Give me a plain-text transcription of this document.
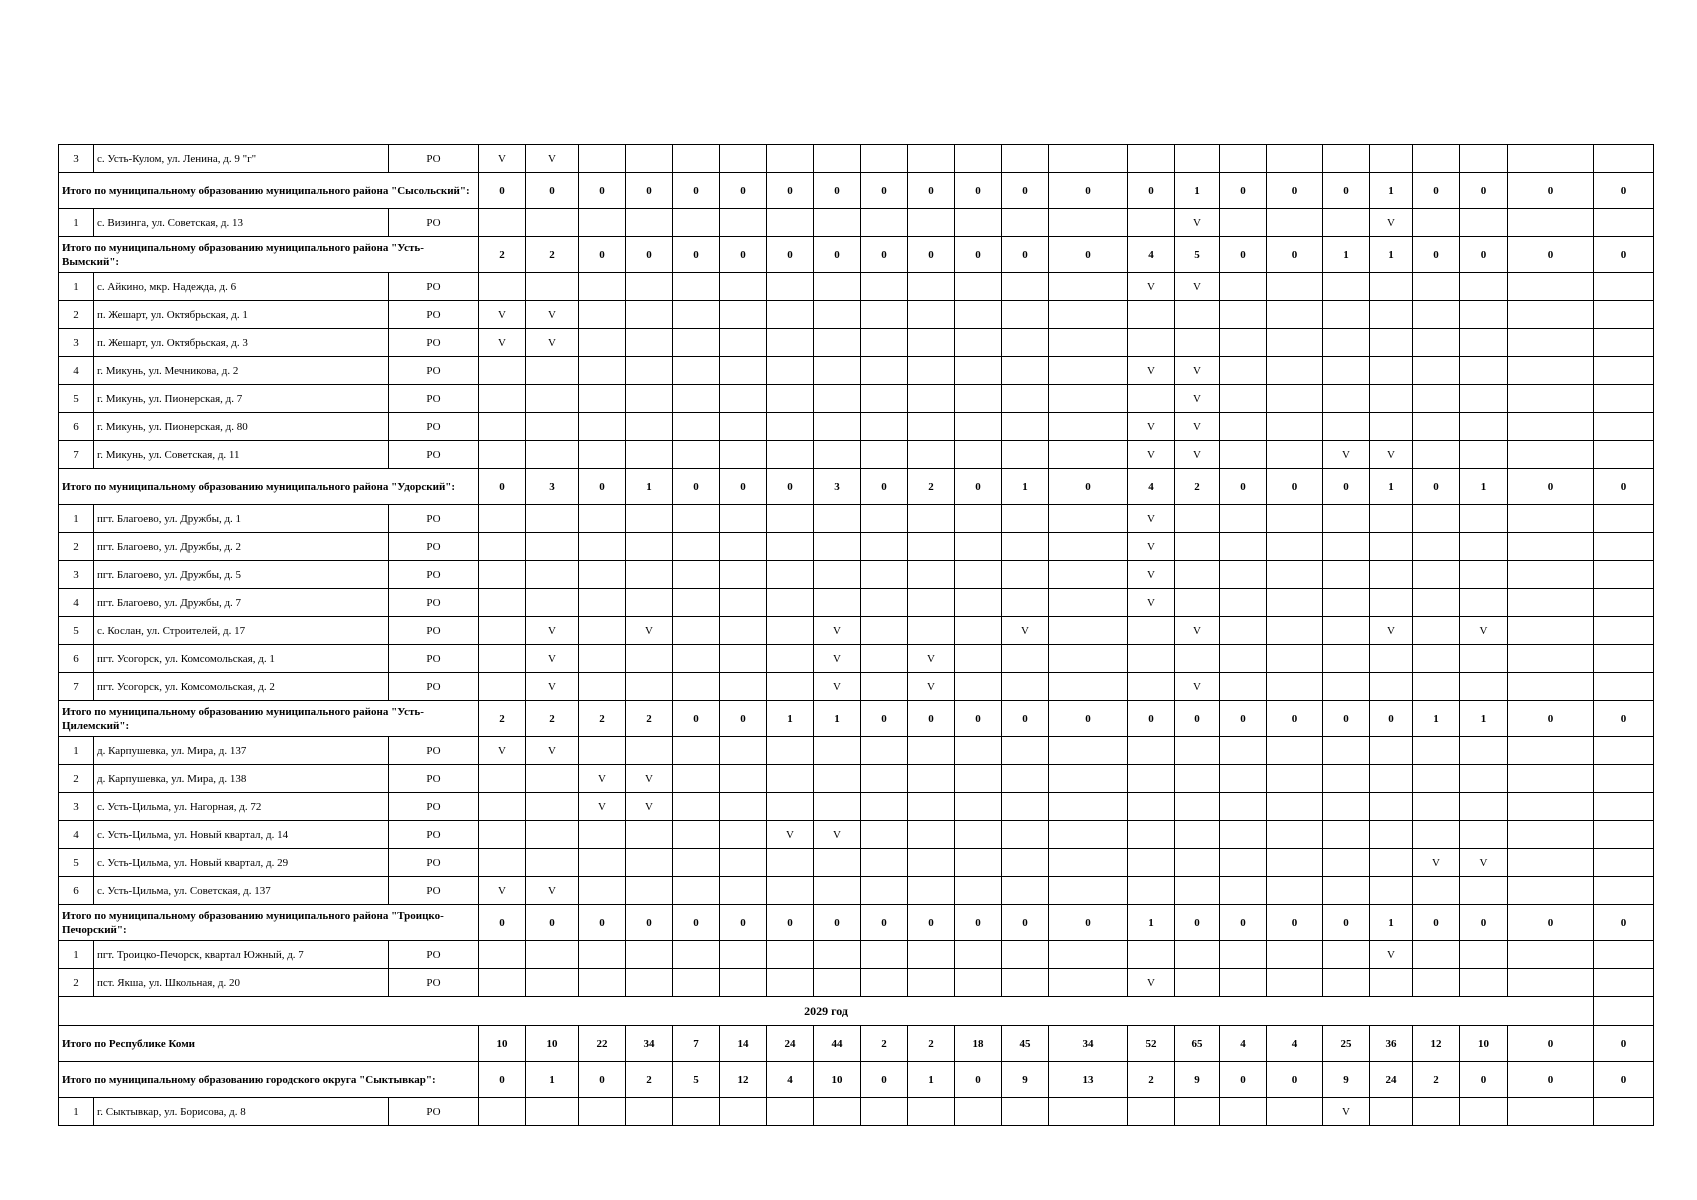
3	с. Усть-Кулом, ул. Ленина, д. 9 "г"	РО	V	V																					
Итого по муниципальному образованию муниципального района "Сысольский":			0	0	0	0	0	0	0	0	0	0	0	0	0	0	1	0	0	0	1	0	0	0	0
1	с. Визинга, ул. Советская, д. 13	РО															V				V				
Итого по муниципальному образованию муниципального района "Усть-Вымский":			2	2	0	0	0	0	0	0	0	0	0	0	0	4	5	0	0	1	1	0	0	0	0
1	с. Айкино, мкр. Надежда, д. 6	РО														V	V								
2	п. Жешарт, ул. Октябрьская, д. 1	РО	V	V																					
3	п. Жешарт, ул. Октябрьская, д. 3	РО	V	V																					
4	г. Микунь, ул. Мечникова, д. 2	РО														V	V								
5	г. Микунь, ул. Пионерская, д. 7	РО															V								
6	г. Микунь, ул. Пионерская, д. 80	РО														V	V								
7	г. Микунь, ул. Советская, д. 11	РО														V	V			V	V				
Итого по муниципальному образованию муниципального района "Удорский":			0	3	0	1	0	0	0	3	0	2	0	1	0	4	2	0	0	0	1	0	1	0	0
1	пгт. Благоево, ул. Дружбы, д. 1	РО														V									
2	пгт. Благоево, ул. Дружбы, д. 2	РО														V									
3	пгт. Благоево, ул. Дружбы, д. 5	РО														V									
4	пгт. Благоево, ул. Дружбы, д. 7	РО														V									
5	с. Кослан, ул. Строителей, д. 17	РО		V		V				V				V			V				V		V		
6	пгт. Усогорск, ул. Комсомольская, д. 1	РО		V						V		V													
7	пгт. Усогорск, ул. Комсомольская, д. 2	РО		V						V		V					V								
Итого по муниципальному образованию муниципального района "Усть-Цилемский":			2	2	2	2	0	0	1	1	0	0	0	0	0	0	0	0	0	0	0	1	1	0	0
1	д. Карпушевка, ул. Мира, д. 137	РО	V	V																					
2	д. Карпушевка, ул. Мира, д. 138	РО			V	V																			
3	с. Усть-Цильма, ул. Нагорная, д. 72	РО			V	V																			
4	с. Усть-Цильма, ул. Новый квартал, д. 14	РО							V	V															
5	с. Усть-Цильма, ул. Новый квартал, д. 29	РО																				V	V		
6	с. Усть-Цильма, ул. Советская, д. 137	РО	V	V																					
Итого по муниципальному образованию муниципального района "Троицко-Печорский":			0	0	0	0	0	0	0	0	0	0	0	0	0	1	0	0	0	0	1	0	0	0	0
1	пгт. Троицко-Печорск, квартал Южный, д. 7	РО																			V				
2	пст. Якша, ул. Школьная, д. 20	РО														V									
2029 год																									
Итого по Республике Коми			10	10	22	34	7	14	24	44	2	2	18	45	34	52	65	4	4	25	36	12	10	0	0
Итого по муниципальному образованию городского округа "Сыктывкар":			0	1	0	2	5	12	4	10	0	1	0	9	13	2	9	0	0	9	24	2	0	0	0
1	г. Сыктывкар, ул. Борисова, д. 8	РО																		V					
